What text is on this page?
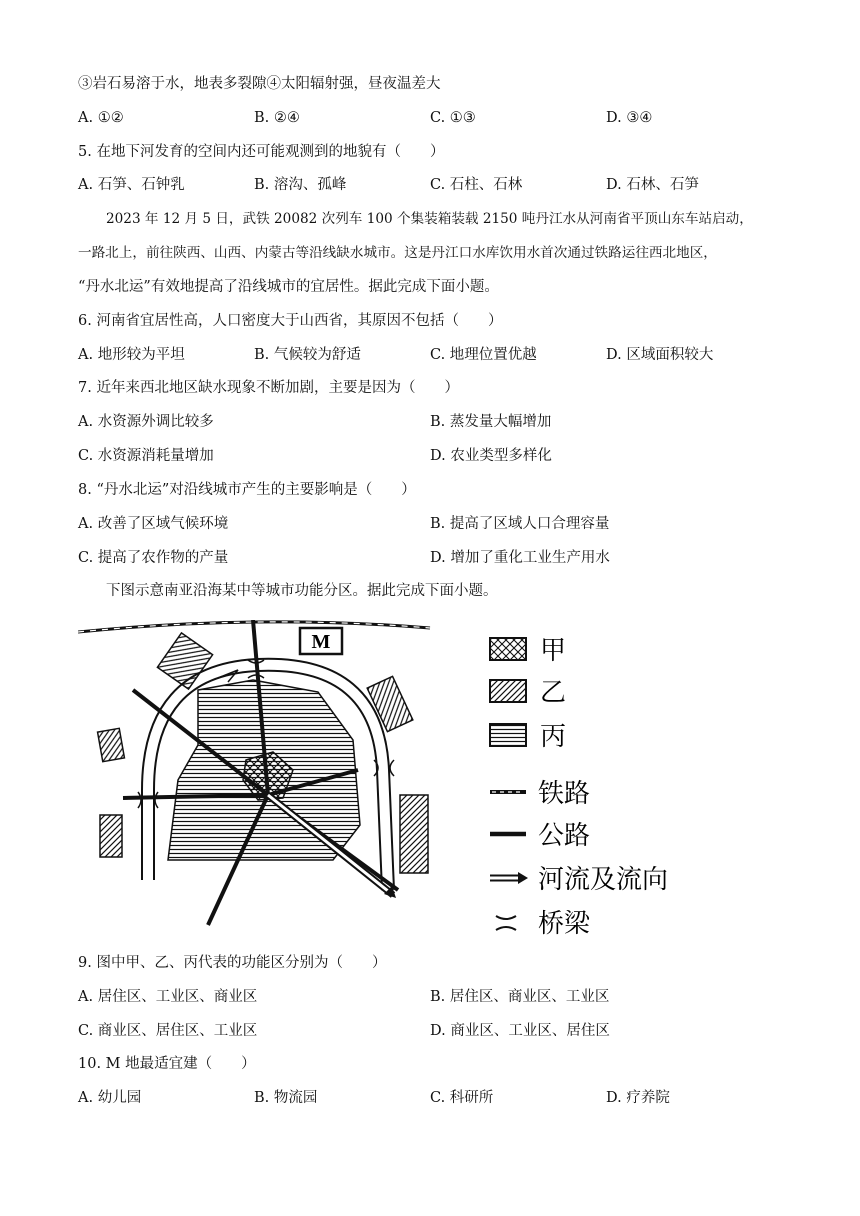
③岩石易溶于水，地表多裂隙④太阳辐射强，昼夜温差大
A. ①②	B. ②④	C. ①③	D. ③④
5. 在地下河发育的空间内还可能观测到的地貌有（　　）
A. 石笋、石钟乳	B. 溶沟、孤峰	C. 石柱、石林	D. 石林、石笋

2023 年 12 月 5 日，武铁 20082 次列车 100 个集装箱装载 2150 吨丹江水从河南省平顶山东车站启动，

一路北上，前往陕西、山西、内蒙古等沿线缺水城市。这是丹江口水库饮用水首次通过铁路运往西北地区，

“丹水北运”有效地提高了沿线城市的宜居性。据此完成下面小题。

6. 河南省宜居性高，人口密度大于山西省，其原因不包括（　　）
A. 地形较为平坦	B. 气候较为舒适	C. 地理位置优越	D. 区域面积较大
7. 近年来西北地区缺水现象不断加剧，主要是因为（　　）
A. 水资源外调比较多	B. 蒸发量大幅增加
C. 水资源消耗量增加	D. 农业类型多样化
8. “丹水北运”对沿线城市产生的主要影响是（　　）
A. 改善了区域气候环境	B. 提高了区域人口合理容量
C. 提高了农作物的产量	D. 增加了重化工业生产用水
下图示意南亚沿海某中等城市功能分区。据此完成下面小题。
M	甲
乙
丙
铁路
公路
河流及流向
桥梁
9. 图中甲、乙、丙代表的功能区分别为（　　）
A. 居住区、工业区、商业区	B. 居住区、商业区、工业区
C. 商业区、居住区、工业区	D. 商业区、工业区、居住区
10. M 地最适宜建（　　）
A. 幼儿园	B. 物流园	C. 科研所	D. 疗养院
